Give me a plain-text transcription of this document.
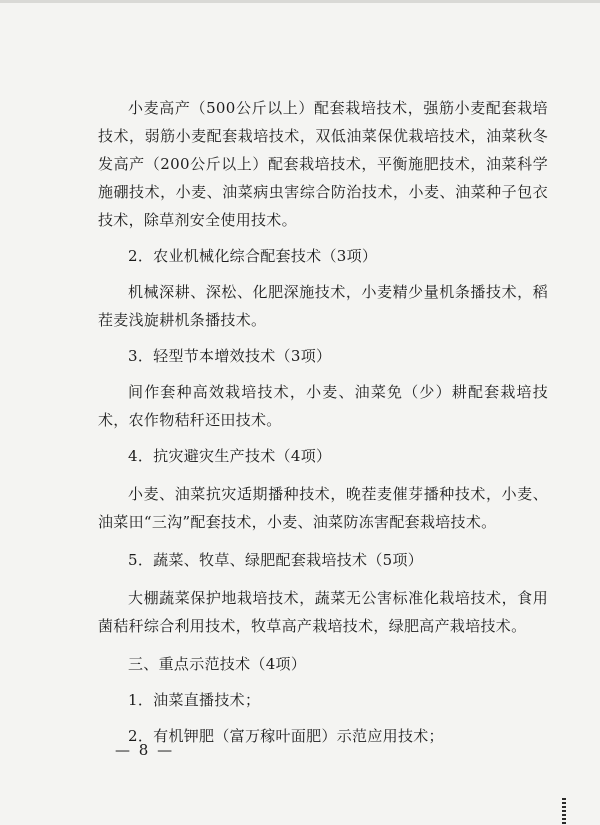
小麦高产（500公斤以上）配套栽培技术，强筋小麦配套栽培技术，弱筋小麦配套栽培技术，双低油菜保优栽培技术，油菜秋冬发高产（200公斤以上）配套栽培技术，平衡施肥技术，油菜科学施硼技术，小麦、油菜病虫害综合防治技术，小麦、油菜种子包衣技术，除草剂安全使用技术。

2．农业机械化综合配套技术（3项）

机械深耕、深松、化肥深施技术，小麦精少量机条播技术，稻茬麦浅旋耕机条播技术。

3．轻型节本增效技术（3项）

间作套种高效栽培技术，小麦、油菜免（少）耕配套栽培技术，农作物秸秆还田技术。

4．抗灾避灾生产技术（4项）

小麦、油菜抗灾适期播种技术，晚茬麦催芽播种技术，小麦、油菜田“三沟”配套技术，小麦、油菜防冻害配套栽培技术。

5．蔬菜、牧草、绿肥配套栽培技术（5项）

大棚蔬菜保护地栽培技术，蔬菜无公害标准化栽培技术，食用菌秸秆综合利用技术，牧草高产栽培技术，绿肥高产栽培技术。

三、重点示范技术（4项）

1．油菜直播技术；

2．有机钾肥（富万稼叶面肥）示范应用技术；

— 8 —
